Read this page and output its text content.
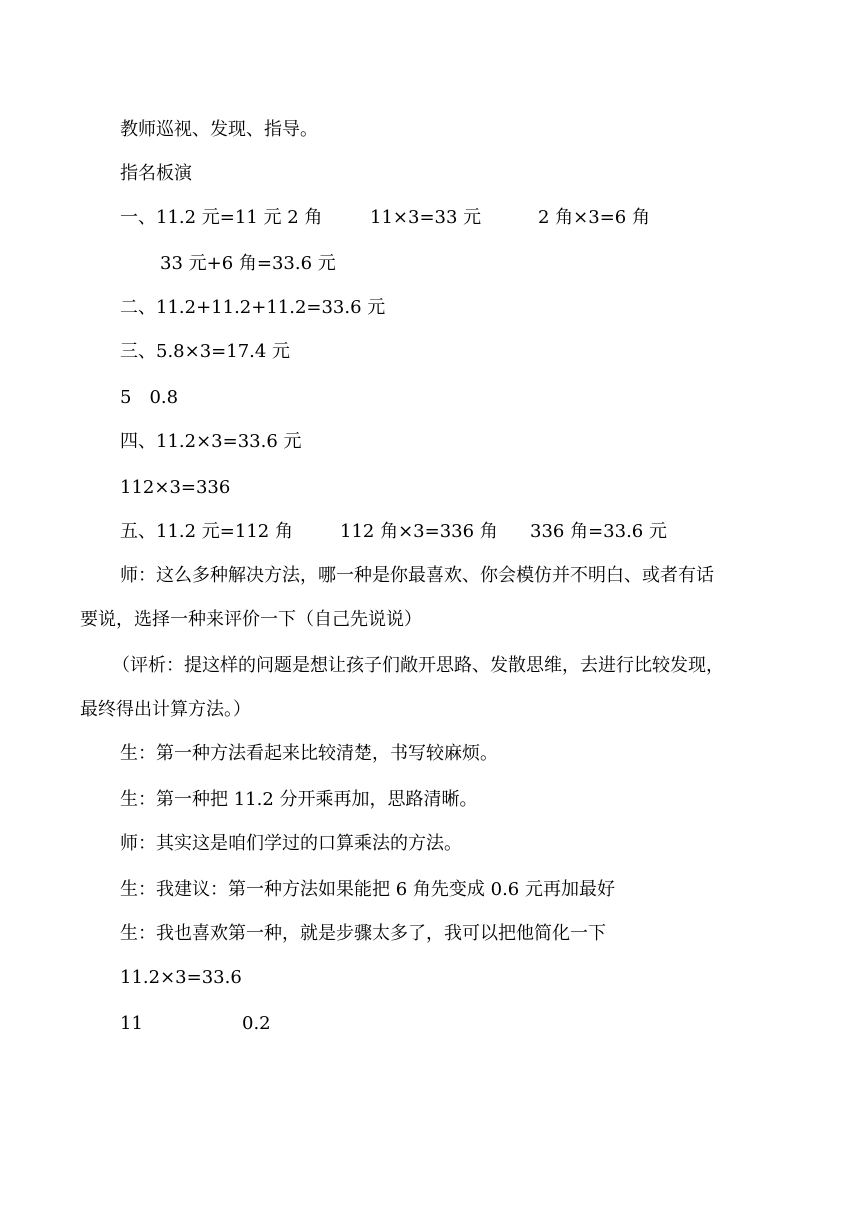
教师巡视、发现、指导。
指名板演
一、11.2 元=11 元 2 角	11×3=33 元	2 角×3=6 角
33 元+6 角=33.6 元
二、11.2+11.2+11.2=33.6 元
三、5.8×3=17.4 元
5　0.8
四、11.2×3=33.6 元
112×3=336
五、11.2 元=112 角	112 角×3=336 角 336 角=33.6 元
师：这么多种解决方法，哪一种是你最喜欢、你会模仿并不明白、或者有话
要说，选择一种来评价一下（自己先说说）
（评析：提这样的问题是想让孩子们敞开思路、发散思维，去进行比较发现，
最终得出计算方法。）
生：第一种方法看起来比较清楚，书写较麻烦。
生：第一种把 11.2 分开乘再加，思路清晰。
师：其实这是咱们学过的口算乘法的方法。
生：我建议：第一种方法如果能把 6 角先变成 0.6 元再加最好
生：我也喜欢第一种，就是步骤太多了，我可以把他简化一下
11.2×3=33.6
11	0.2
